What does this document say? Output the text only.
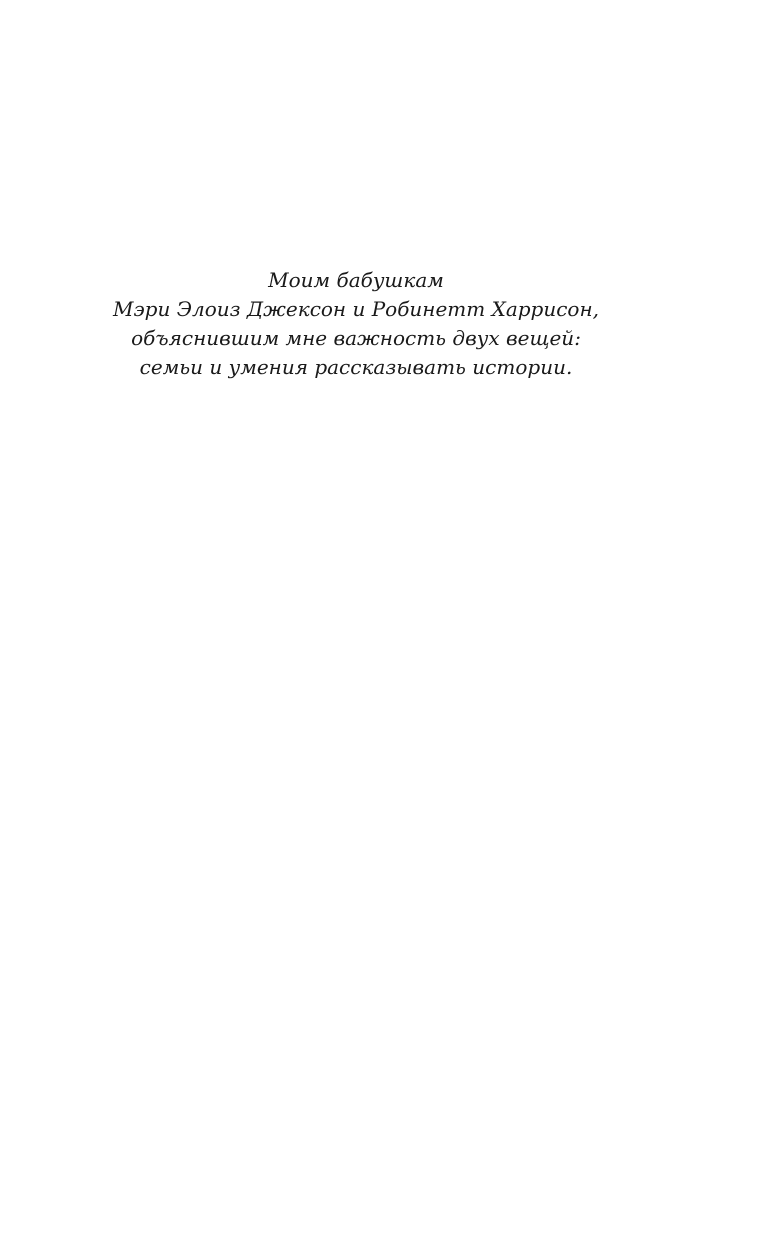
Моим бабушкам
Мэри Элоиз Джексон и Робинетт Харрисон,
объяснившим мне важность двух вещей:
семьи и умения рассказывать истории.
